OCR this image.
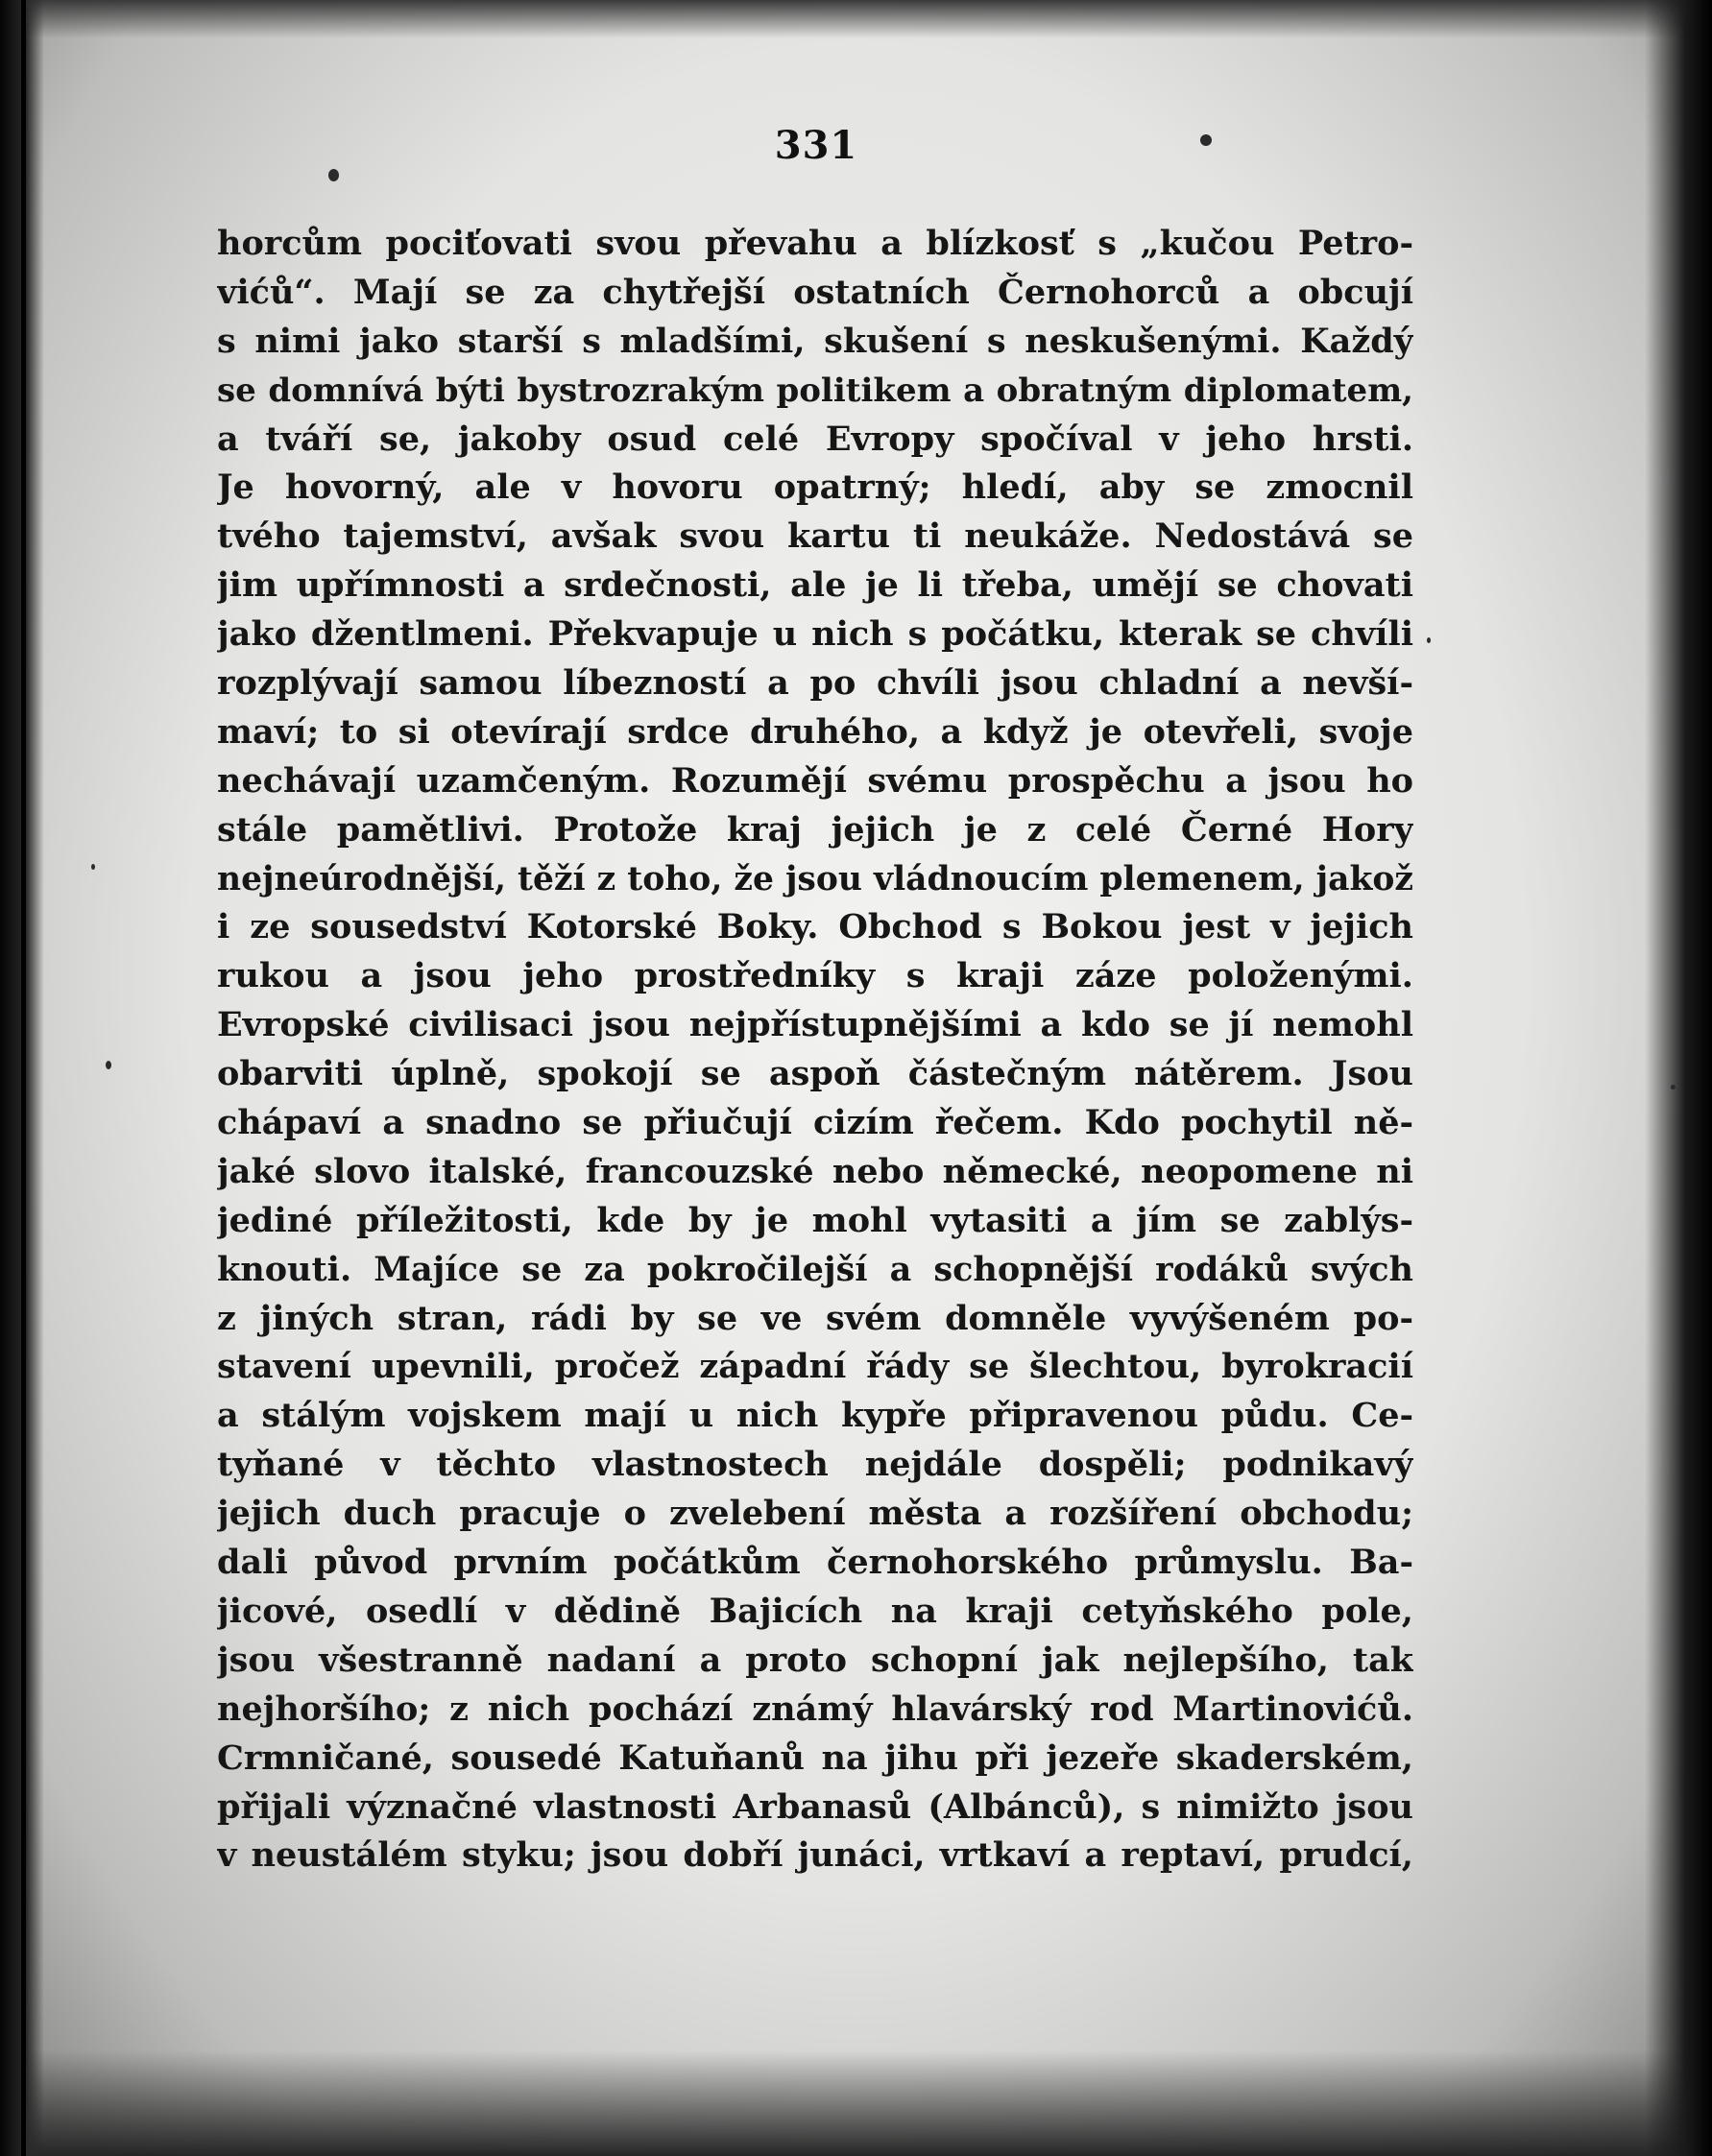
331
horcům pociťovati svou převahu a blízkosť s „kučou Petro-
vićů“. Mají se za chytřejší ostatních Černohorců a obcují
s nimi jako starší s mladšími, skušení s neskušenými. Každý
se domnívá býti bystrozrakým politikem a obratným diplomatem,
a tváří se, jakoby osud celé Evropy spočíval v jeho hrsti.
Je hovorný, ale v hovoru opatrný; hledí, aby se zmocnil
tvého tajemství, avšak svou kartu ti neukáže. Nedostává se
jim upřímnosti a srdečnosti, ale je li třeba, umějí se chovati
jako džentlmeni. Překvapuje u nich s počátku, kterak se chvíli
rozplývají samou líbezností a po chvíli jsou chladní a nevší-
maví; to si otevírají srdce druhého, a když je otevřeli, svoje
nechávají uzamčeným. Rozumějí svému prospěchu a jsou ho
stále pamětlivi. Protože kraj jejich je z celé Černé Hory
nejneúrodnější, těží z toho, že jsou vládnoucím plemenem, jakož
i ze sousedství Kotorské Boky. Obchod s Bokou jest v jejich
rukou a jsou jeho prostředníky s kraji záze položenými.
Evropské civilisaci jsou nejpřístupnějšími a kdo se jí nemohl
obarviti úplně, spokojí se aspoň částečným nátěrem. Jsou
chápaví a snadno se přiučují cizím řečem. Kdo pochytil ně-
jaké slovo italské, francouzské nebo německé, neopomene ni
jediné příležitosti, kde by je mohl vytasiti a jím se zablýs-
knouti. Majíce se za pokročilejší a schopnější rodáků svých
z jiných stran, rádi by se ve svém domněle vyvýšeném po-
stavení upevnili, pročež západní řády se šlechtou, byrokracií
a stálým vojskem mají u nich kypře připravenou půdu. Ce-
tyňané v těchto vlastnostech nejdále dospěli; podnikavý
jejich duch pracuje o zvelebení města a rozšíření obchodu;
dali původ prvním počátkům černohorského průmyslu. Ba-
jicové, osedlí v dědině Bajicích na kraji cetyňského pole,
jsou všestranně nadaní a proto schopní jak nejlepšího, tak
nejhoršího; z nich pochází známý hlavárský rod Martinovićů.
Crmničané, sousedé Katuňanů na jihu při jezeře skaderském,
přijali význačné vlastnosti Arbanasů (Albánců), s nimižto jsou
v neustálém styku; jsou dobří junáci, vrtkaví a reptaví, prudcí,
